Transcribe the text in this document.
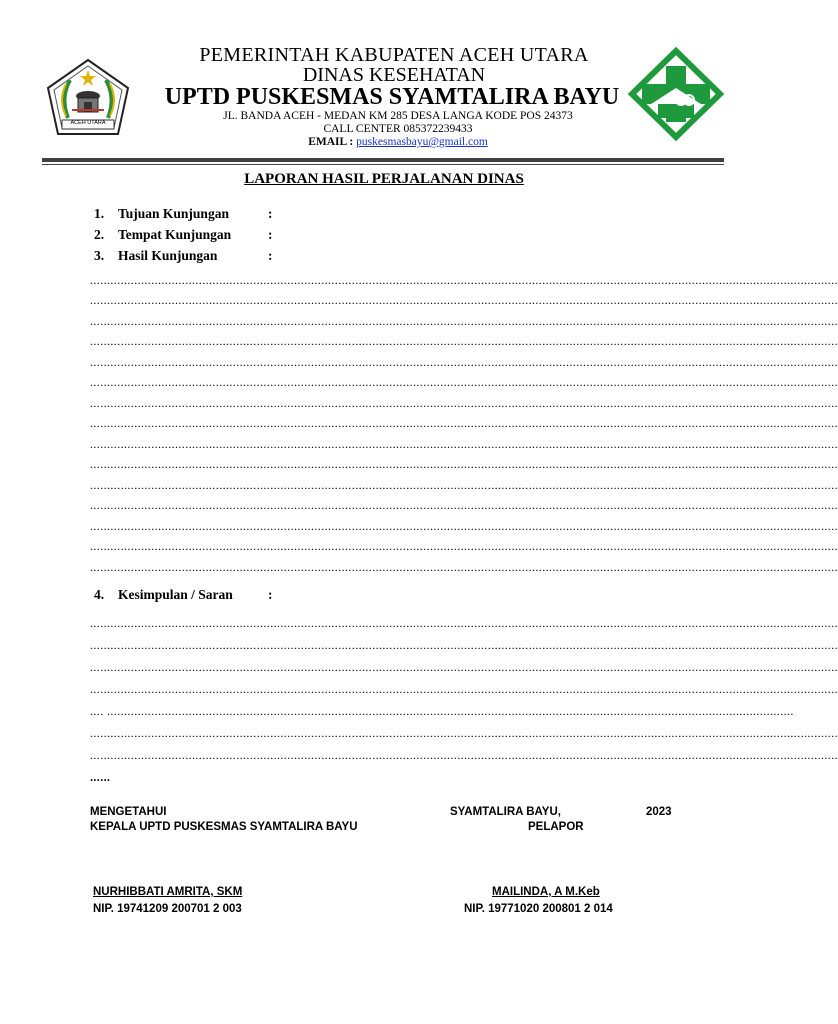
ACEH UTARA
PEMERINTAH KABUPATEN ACEH UTARA
DINAS KESEHATAN
UPTD PUSKESMAS SYAMTALIRA BAYU
JL. BANDA ACEH - MEDAN KM 285 DESA LANGA KODE POS 24373
CALL CENTER 085372239433
EMAIL : puskesmasbayu@gmail.com
LAPORAN HASIL PERJALANAN DINAS
1. Tujuan Kunjungan	:
2. Tempat Kunjungan	:
3. Hasil Kunjungan	:
............................................................................................................................................................................................................................
............................................................................................................................................................................................................................
............................................................................................................................................................................................................................
............................................................................................................................................................................................................................
............................................................................................................................................................................................................................
............................................................................................................................................................................................................................
............................................................................................................................................................................................................................
............................................................................................................................................................................................................................
............................................................................................................................................................................................................................
............................................................................................................................................................................................................................
............................................................................................................................................................................................................................
............................................................................................................................................................................................................................
............................................................................................................................................................................................................................
............................................................................................................................................................................................................................
............................................................................................................................................................................................................................
4. Kesimpulan / Saran	:
............................................................................................................................................................................................................................
............................................................................................................................................................................................................................
............................................................................................................................................................................................................................
............................................................................................................................................................................................................................
.... ..........................................................................................................................................................................................................
............................................................................................................................................................................................................................
............................................................................................................................................................................................................................
......
MENGETAHUI
KEPALA UPTD PUSKESMAS SYAMTALIRA BAYU
SYAMTALIRA BAYU,	2023
PELAPOR
NURHIBBATI AMRITA, SKM
NIP. 19741209 200701 2 003
MAILINDA, A M.Keb
NIP. 19771020 200801 2 014
